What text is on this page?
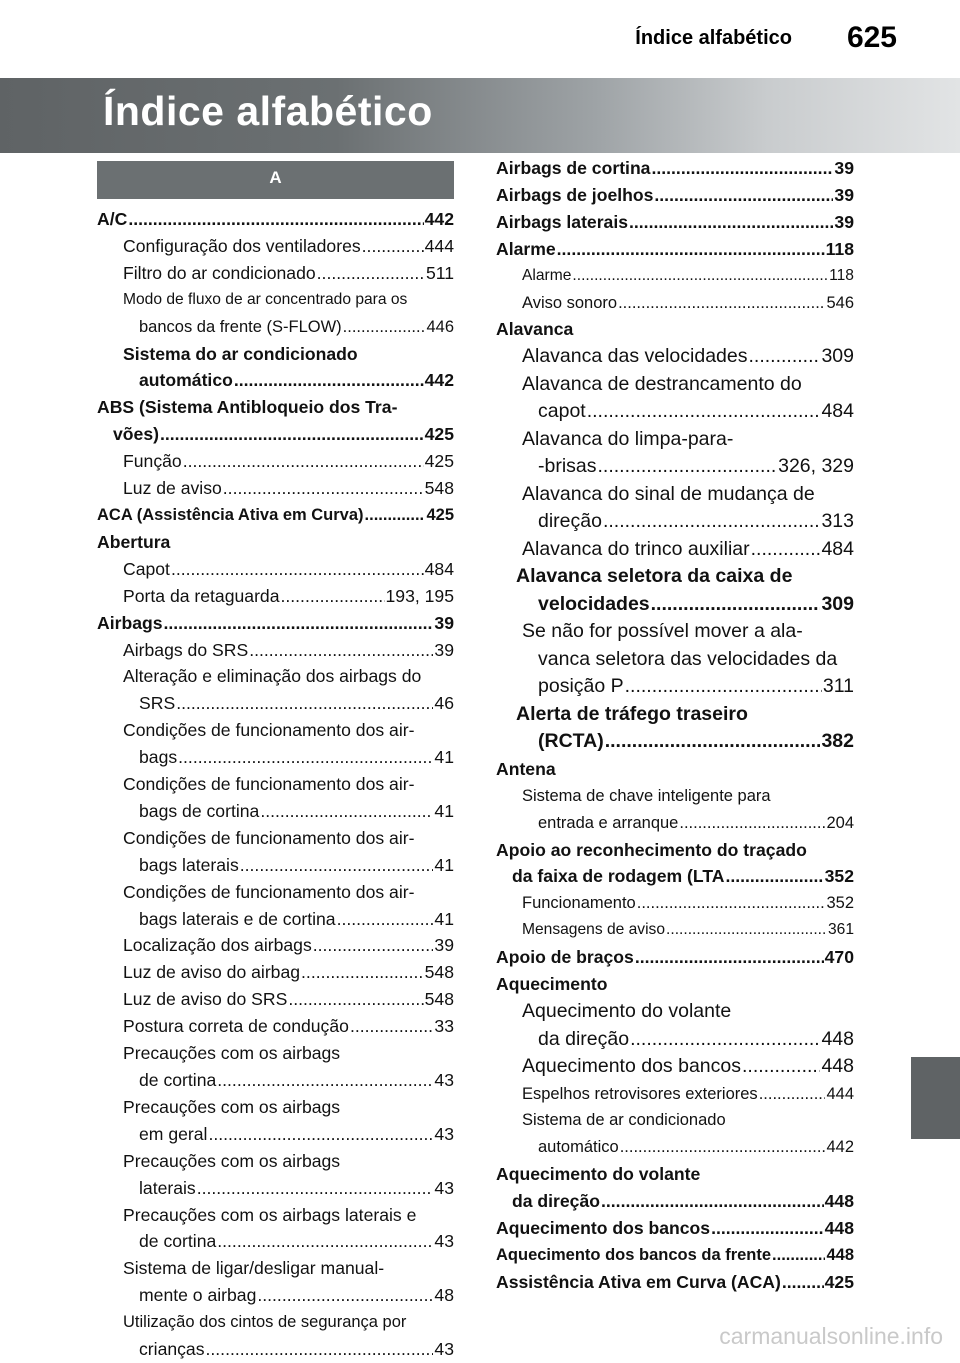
Índice alfabético 625
Índice alfabético
A
A/C .....	442
Configuração dos ventiladores .....	444
Filtro do ar condicionado .....	511
Modo de fluxo de ar concentrado para os
bancos da frente (S-FLOW) .....	446
Sistema do ar condicionado
automático .....	442
ABS (Sistema Antibloqueio dos Tra-
vões) .....	425
Função .....	425
Luz de aviso .....	548
ACA (Assistência Ativa em Curva) .....	425
Abertura
Capot .....	484
Porta da retaguarda .....	193, 195
Airbags .....	39
Airbags do SRS .....	39
Alteração e eliminação dos airbags do
SRS .....	46
Condições de funcionamento dos air-
bags .....	41
Condições de funcionamento dos air-
bags de cortina .....	41
Condições de funcionamento dos air-
bags laterais .....	41
Condições de funcionamento dos air-
bags laterais e de cortina .....	41
Localização dos airbags .....	39
Luz de aviso do airbag .....	548
Luz de aviso do SRS .....	548
Postura correta de condução .....	33
Precauções com os airbags
de cortina .....	43
Precauções com os airbags
em geral .....	43
Precauções com os airbags
laterais .....	43
Precauções com os airbags laterais e
de cortina .....	43
Sistema de ligar/desligar manual-
mente o airbag .....	48
Utilização dos cintos de segurança por
crianças .....	43
Airbags de cortina .....	39
Airbags de joelhos .....	39
Airbags laterais .....	39
Alarme .....	118
Alarme .....	118
Aviso sonoro .....	546
Alavanca
Alavanca das velocidades .....	309
Alavanca de destrancamento do
capot .....	484
Alavanca do limpa-para-
-brisas .....	326, 329
Alavanca do sinal de mudança de
direção .....	313
Alavanca do trinco auxiliar .....	484
Alavanca seletora da caixa de
velocidades .....	309
Se não for possível mover a ala-
vanca seletora das velocidades da
posição P .....	311
Alerta de tráfego traseiro
(RCTA) .....	382
Antena
Sistema de chave inteligente para
entrada e arranque .....	204
Apoio ao reconhecimento do traçado
da faixa de rodagem (LTA .....	352
Funcionamento .....	352
Mensagens de aviso .....	361
Apoio de braços .....	470
Aquecimento
Aquecimento do volante
da direção .....	448
Aquecimento dos bancos .....	448
Espelhos retrovisores exteriores .....	444
Sistema de ar condicionado
automático .....	442
Aquecimento do volante
da direção .....	448
Aquecimento dos bancos .....	448
Aquecimento dos bancos da frente .....	448
Assistência Ativa em Curva (ACA) ..... 425
carmanualsonline.info
